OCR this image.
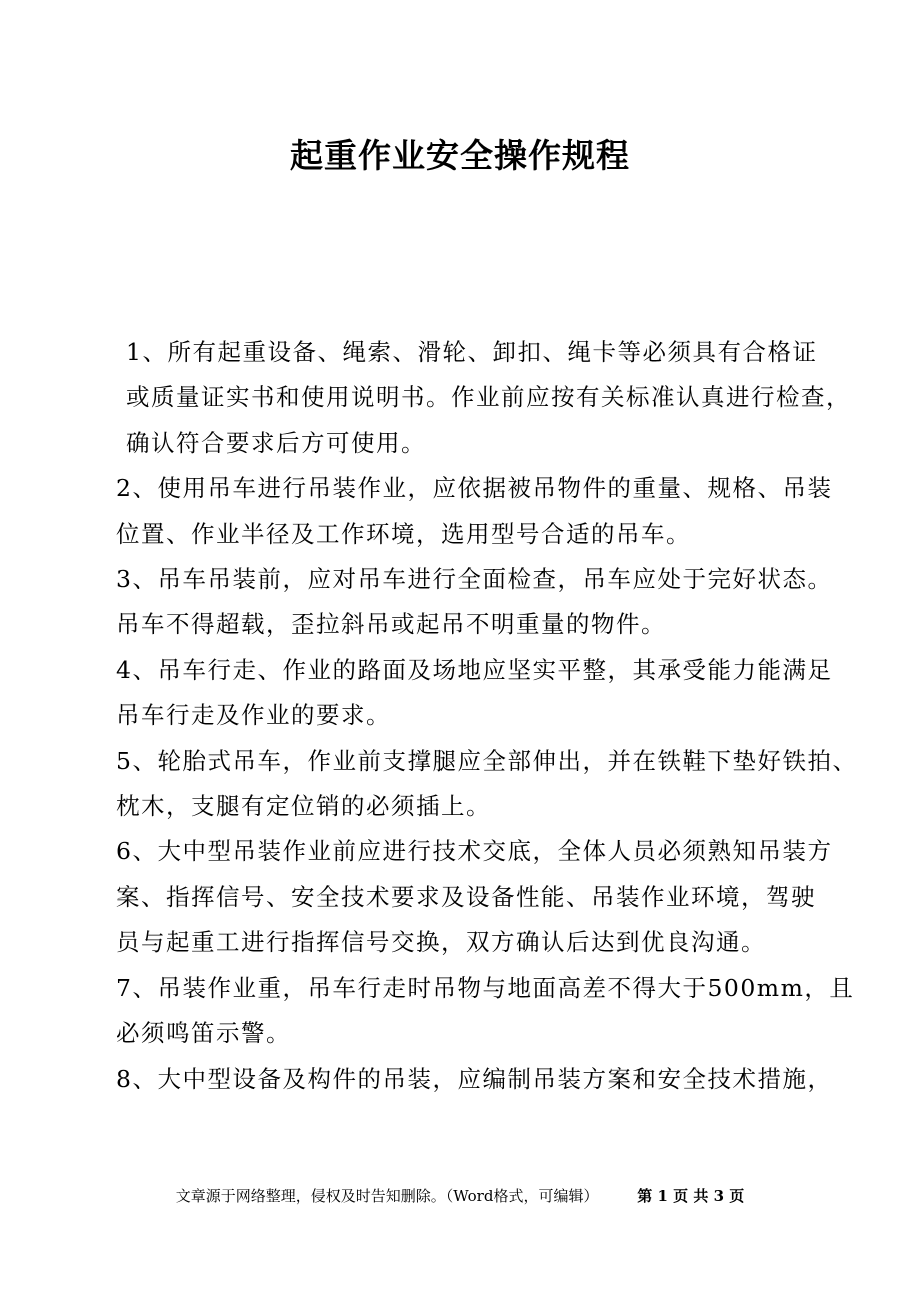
起重作业安全操作规程
1、所有起重设备、绳索、滑轮、卸扣、绳卡等必须具有合格证
或质量证实书和使用说明书。作业前应按有关标准认真进行检查，
确认符合要求后方可使用。
2、使用吊车进行吊装作业，应依据被吊物件的重量、规格、吊装
位置、作业半径及工作环境，选用型号合适的吊车。
3、吊车吊装前，应对吊车进行全面检查，吊车应处于完好状态。
吊车不得超载，歪拉斜吊或起吊不明重量的物件。
4、吊车行走、作业的路面及场地应坚实平整，其承受能力能满足
吊车行走及作业的要求。
5、轮胎式吊车，作业前支撑腿应全部伸出，并在铁鞋下垫好铁拍、
枕木，支腿有定位销的必须插上。
6、大中型吊装作业前应进行技术交底，全体人员必须熟知吊装方
案、指挥信号、安全技术要求及设备性能、吊装作业环境，驾驶
员与起重工进行指挥信号交换，双方确认后达到优良沟通。
7、吊装作业重，吊车行走时吊物与地面高差不得大于500mm，且
必须鸣笛示警。
8、大中型设备及构件的吊装，应编制吊装方案和安全技术措施，
文章源于网络整理，侵权及时告知删除。（Word格式，可编辑）	第 1 页 共 3 页
